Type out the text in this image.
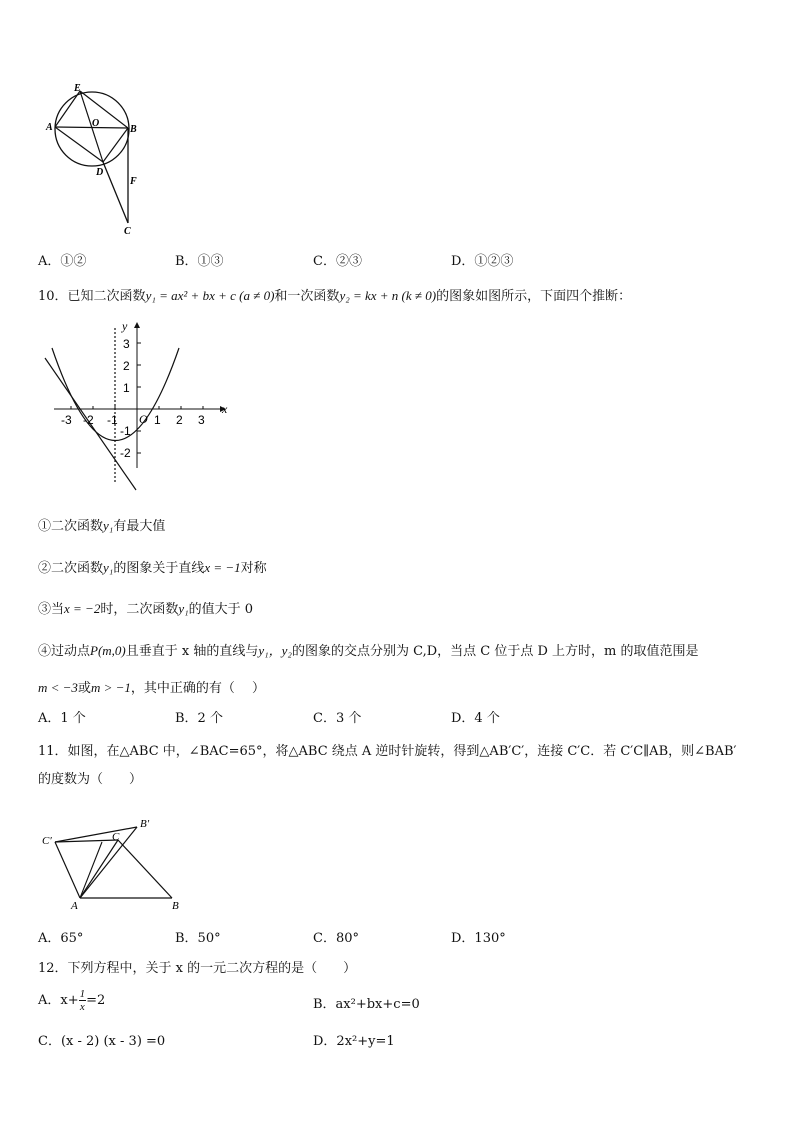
E
A	O
B
D
F
C
A．①②	B．①③	C．②③	D．①②③
10．已知二次函数y₁ = ax² + bx + c (a ≠ 0)和一次函数y₂ = kx + n (k ≠ 0)的图象如图所示，下面四个推断：
y
x
O
-3 -2 -1	1 2 3
3
2
1
-1
-2
①二次函数y₁有最大值
②二次函数y₁的图象关于直线x = −1对称
③当x = −2时，二次函数y₁的值大于 0
④过动点P(m,0)且垂直于 x 轴的直线与y₁，y₂的图象的交点分别为 C,D，当点 C 位于点 D 上方时，m 的取值范围是
m < −3或m > −1，其中正确的有（　 ）
A．1 个	B．2 个	C．3 个	D．4 个
11．如图，在△ABC 中，∠BAC=65°，将△ABC 绕点 A 逆时针旋转，得到△AB′C′，连接 C′C．若 C′C∥AB，则∠BAB′
的度数为（　　）
C′	C
B′
A	B
A．65°	B．50°	C．80°	D．130°
12．下列方程中，关于 x 的一元二次方程的是（　　）
A．$x+ \frac{1}{x} =2$	B．ax²+bx+c=0
C．(x - 2) (x - 3) =0	D．2x²+y=1
